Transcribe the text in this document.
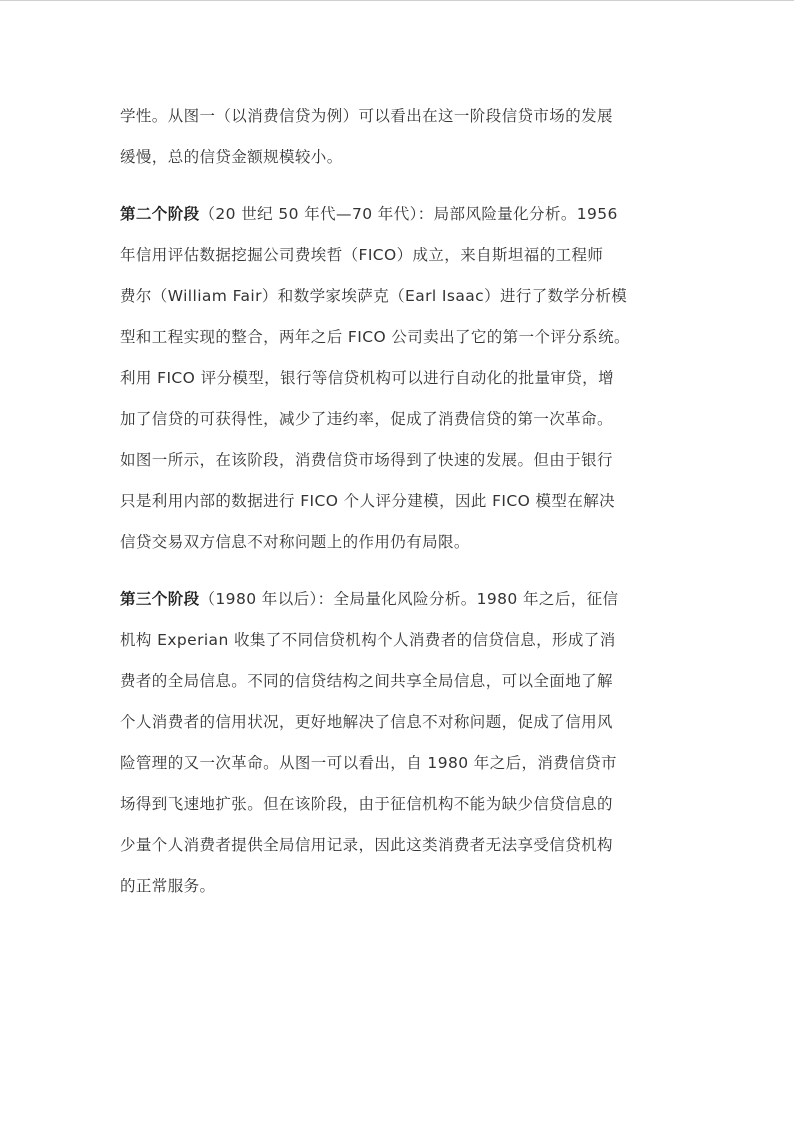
学性。从图一（以消费信贷为例）可以看出在这一阶段信贷市场的发展
缓慢，总的信贷金额规模较小。
第二个阶段（20 世纪 50 年代—70 年代）：局部风险量化分析。1956
年信用评估数据挖掘公司费埃哲（FICO）成立，来自斯坦福的工程师
费尔（William Fair）和数学家埃萨克（Earl Isaac）进行了数学分析模
型和工程实现的整合，两年之后 FICO 公司卖出了它的第一个评分系统。
利用 FICO 评分模型，银行等信贷机构可以进行自动化的批量审贷，增
加了信贷的可获得性，减少了违约率，促成了消费信贷的第一次革命。
如图一所示，在该阶段，消费信贷市场得到了快速的发展。但由于银行
只是利用内部的数据进行 FICO 个人评分建模，因此 FICO 模型在解决
信贷交易双方信息不对称问题上的作用仍有局限。
第三个阶段（1980 年以后）：全局量化风险分析。1980 年之后，征信
机构 Experian 收集了不同信贷机构个人消费者的信贷信息，形成了消
费者的全局信息。不同的信贷结构之间共享全局信息，可以全面地了解
个人消费者的信用状况，更好地解决了信息不对称问题，促成了信用风
险管理的又一次革命。从图一可以看出，自 1980 年之后，消费信贷市
场得到飞速地扩张。但在该阶段，由于征信机构不能为缺少信贷信息的
少量个人消费者提供全局信用记录，因此这类消费者无法享受信贷机构
的正常服务。
